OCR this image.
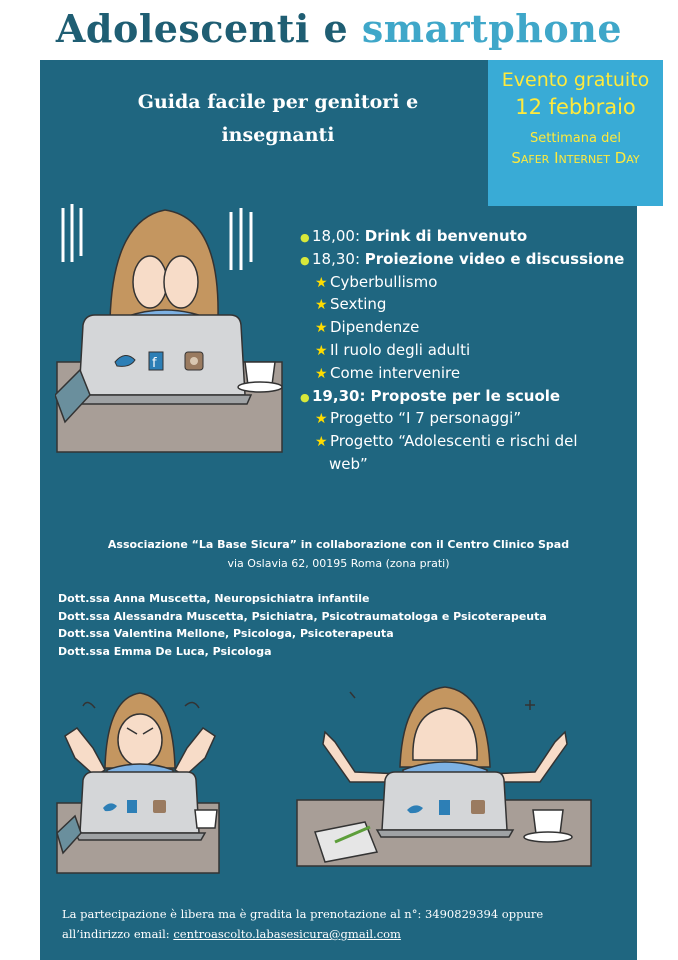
Adolescenti e smartphone
Evento gratuito
12 febbraio
Settimana del
Safer Internet Day
Guida facile per genitori e
insegnanti
f
● 18,00: Drink di benvenuto
● 18,30: Proiezione video e discussione
★ Cyberbullismo
★ Sexting
★ Dipendenze
★ Il ruolo degli adulti
★ Come intervenire
● 19,30: Proposte per le scuole
★ Progetto “I 7 personaggi”
★ Progetto “Adolescenti e rischi del
web”
Associazione “La Base Sicura” in collaborazione con il Centro Clinico Spad
via Oslavia 62, 00195 Roma (zona prati)
Dott.ssa Anna Muscetta, Neuropsichiatra infantile
Dott.ssa Alessandra Muscetta, Psichiatra, Psicotraumatologa e Psicoterapeuta
Dott.ssa Valentina Mellone, Psicologa, Psicoterapeuta
Dott.ssa Emma De Luca, Psicologa
La partecipazione è libera ma è gradita la prenotazione al n°: 3490829394 oppure
all’indirizzo email: centroascolto.labasesicura@gmail.com
